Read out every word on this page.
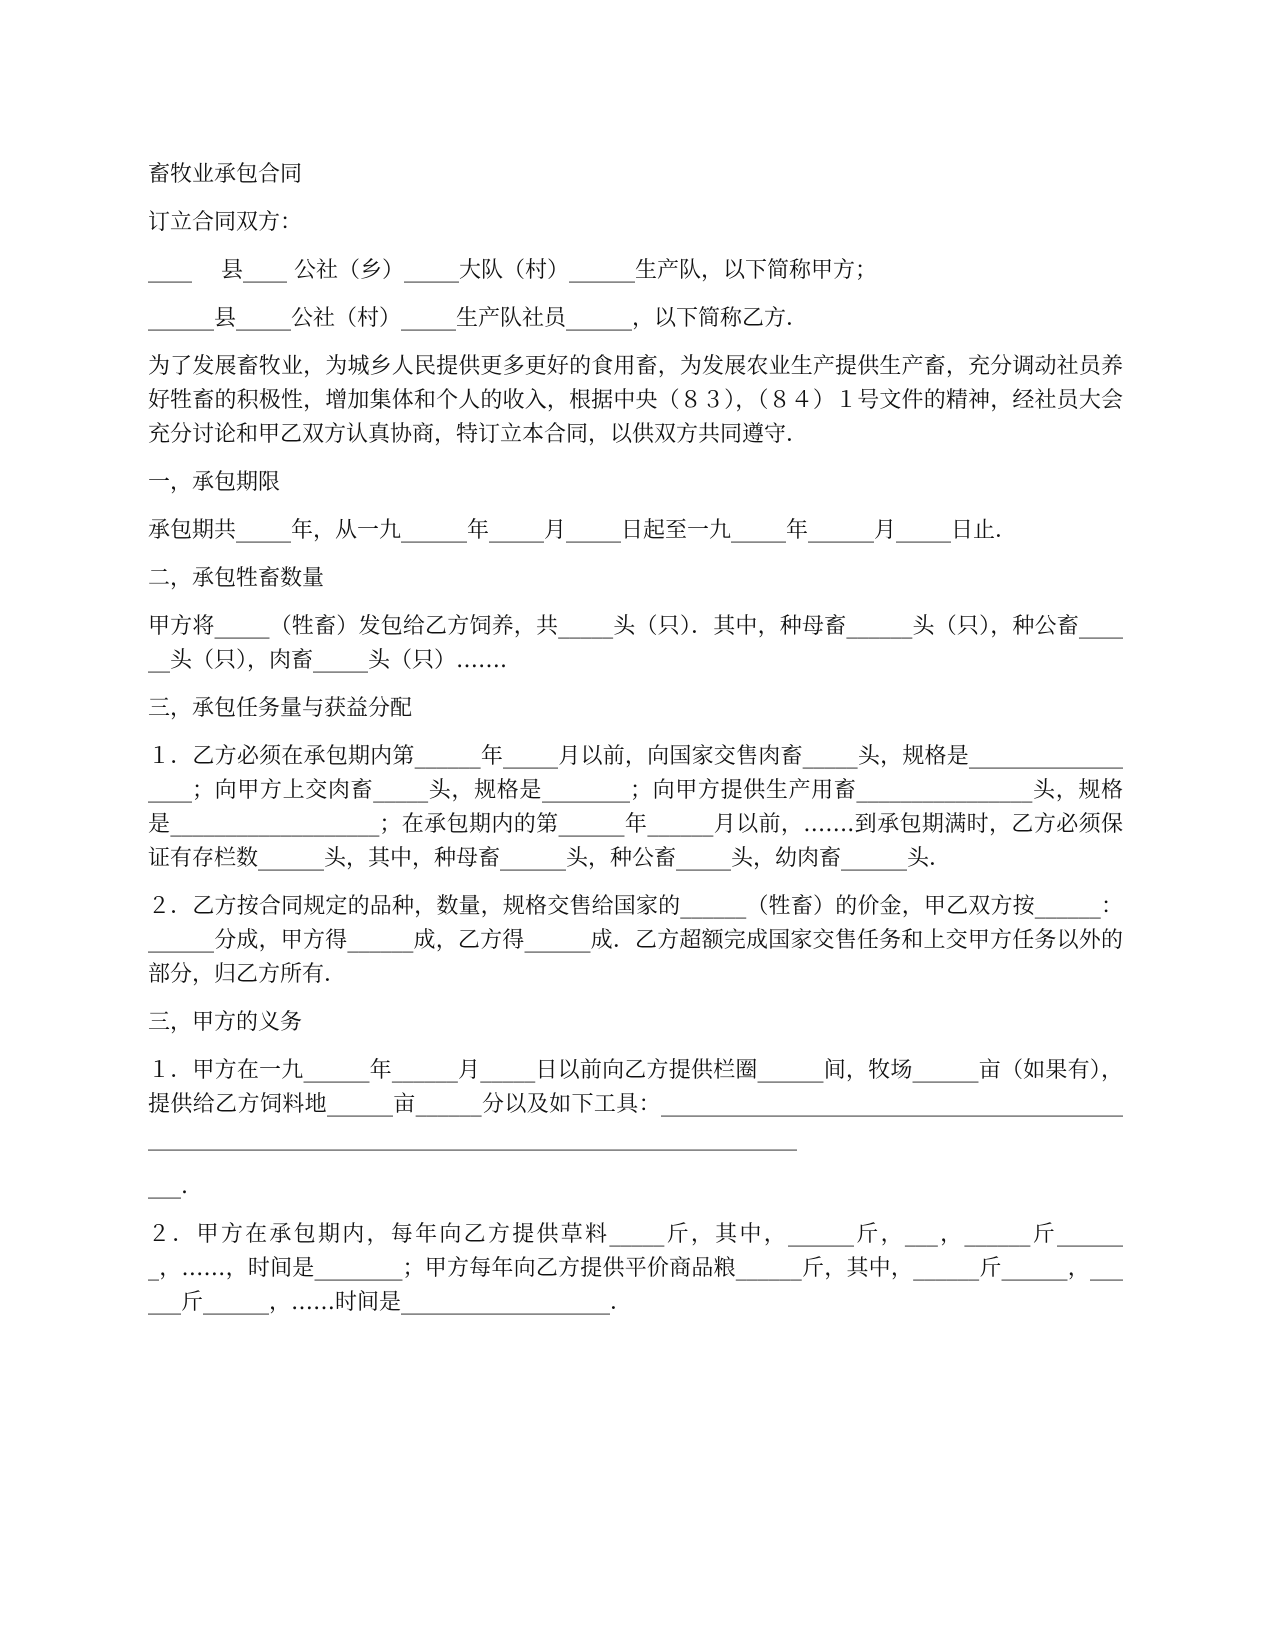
畜牧业承包合同

订立合同双方：

____　 县____ 公社（乡）_____大队（村）______生产队，以下简称甲方；

______县_____公社（村）_____生产队社员______，以下简称乙方．

为了发展畜牧业，为城乡人民提供更多更好的食用畜，为发展农业生产提供生产畜，充分调动社员养好牲畜的积极性，增加集体和个人的收入，根据中央（８３），（８４）１号文件的精神，经社员大会充分讨论和甲乙双方认真协商，特订立本合同，以供双方共同遵守．

一，承包期限

承包期共_____年，从一九______年_____月_____日起至一九_____年______月_____日止．

二，承包牲畜数量

甲方将_____（牲畜）发包给乙方饲养，共_____头（只）．其中，种母畜______头（只），种公畜______头（只），肉畜_____头（只）…….

三，承包任务量与获益分配

１．乙方必须在承包期内第______年_____月以前，向国家交售肉畜_____头，规格是__________________；向甲方上交肉畜_____头，规格是________；向甲方提供生产用畜________________头，规格是___________________；在承包期内的第______年______月以前，…….到承包期满时，乙方必须保证有存栏数______头，其中，种母畜______头，种公畜_____头，幼肉畜______头．

２．乙方按合同规定的品种，数量，规格交售给国家的______（牲畜）的价金，甲乙双方按______：______分成，甲方得______成，乙方得______成．乙方超额完成国家交售任务和上交甲方任务以外的部分，归乙方所有．

三，甲方的义务

１．甲方在一九______年______月_____日以前向乙方提供栏圈______间，牧场______亩（如果有），提供给乙方饲料地______亩______分以及如下工具：_____________________________________________________________________________________________________

___.

２．甲方在承包期内，每年向乙方提供草料_____斤，其中，______斤，___，______斤_______，……，时间是________；甲方每年向乙方提供平价商品粮______斤，其中，______斤______，______斤______，……时间是___________________．
